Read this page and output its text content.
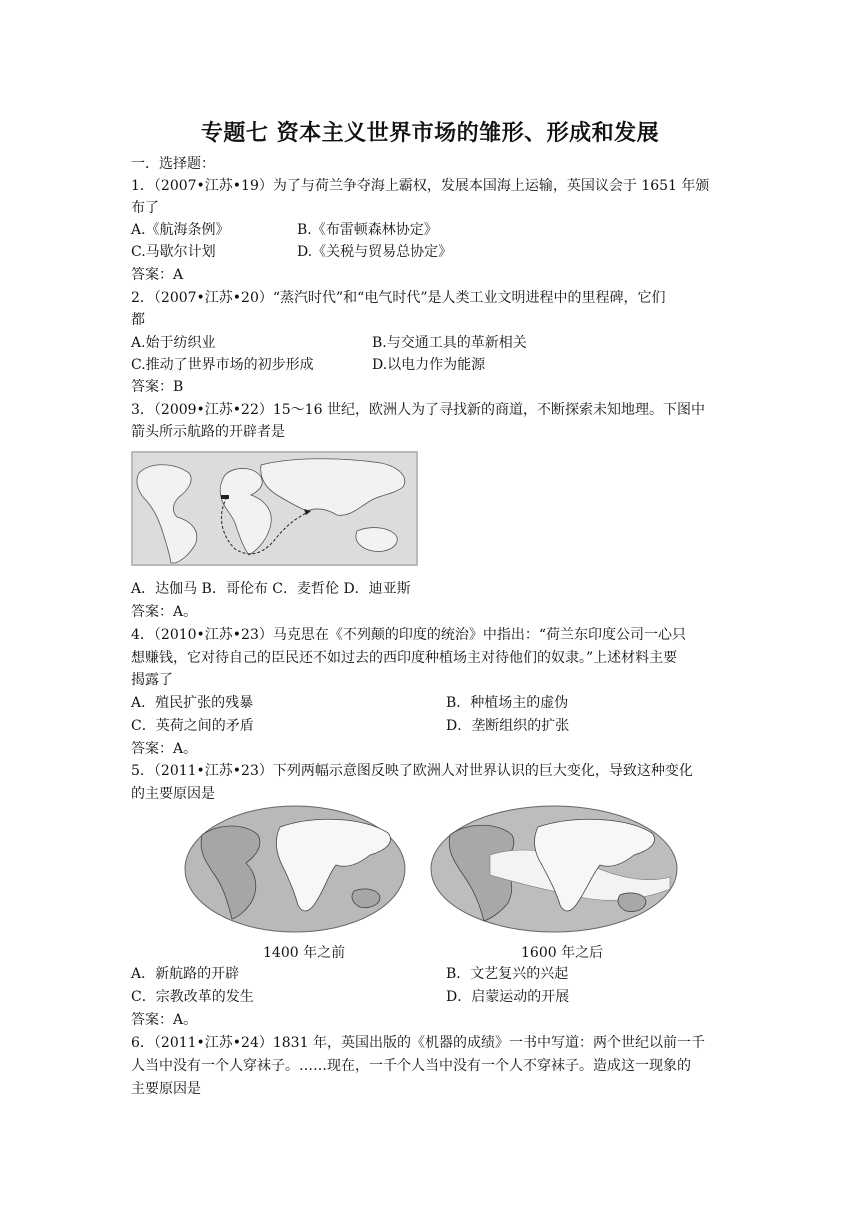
专题七 资本主义世界市场的雏形、形成和发展
一．选择题：
1．（2007•江苏•19）为了与荷兰争夺海上霸权，发展本国海上运输，英国议会于 1651 年颁
布了
A.《航海条例》	B.《布雷顿森林协定》
C.马歇尔计划	D.《关税与贸易总协定》
答案：A
2．（2007•江苏•20）“蒸汽时代”和“电气时代”是人类工业文明进程中的里程碑，它们
都
A.始于纺织业	B.与交通工具的革新相关
C.推动了世界市场的初步形成	D.以电力作为能源
答案：B
3．（2009•江苏•22）15～16 世纪，欧洲人为了寻找新的商道，不断探索未知地理。下图中
箭头所示航路的开辟者是
A．达伽马 B．哥伦布 C．麦哲伦 D．迪亚斯
答案：A。
4．（2010•江苏•23）马克思在《不列颠的印度的统治》中指出：“荷兰东印度公司一心只
想赚钱，它对待自己的臣民还不如过去的西印度种植场主对待他们的奴隶。”上述材料主要
揭露了
A．殖民扩张的残暴	B．种植场主的虚伪
C．英荷之间的矛盾	D．垄断组织的扩张
答案：A。
5．（2011•江苏•23）下列两幅示意图反映了欧洲人对世界认识的巨大变化，导致这种变化
的主要原因是
1400 年之前	1600 年之后
A．新航路的开辟	B．文艺复兴的兴起
C．宗教改革的发生	D．启蒙运动的开展
答案：A。
6．（2011•江苏•24）1831 年，英国出版的《机器的成绩》一书中写道：两个世纪以前一千
人当中没有一个人穿袜子。……现在，一千个人当中没有一个人不穿袜子。造成这一现象的
主要原因是
